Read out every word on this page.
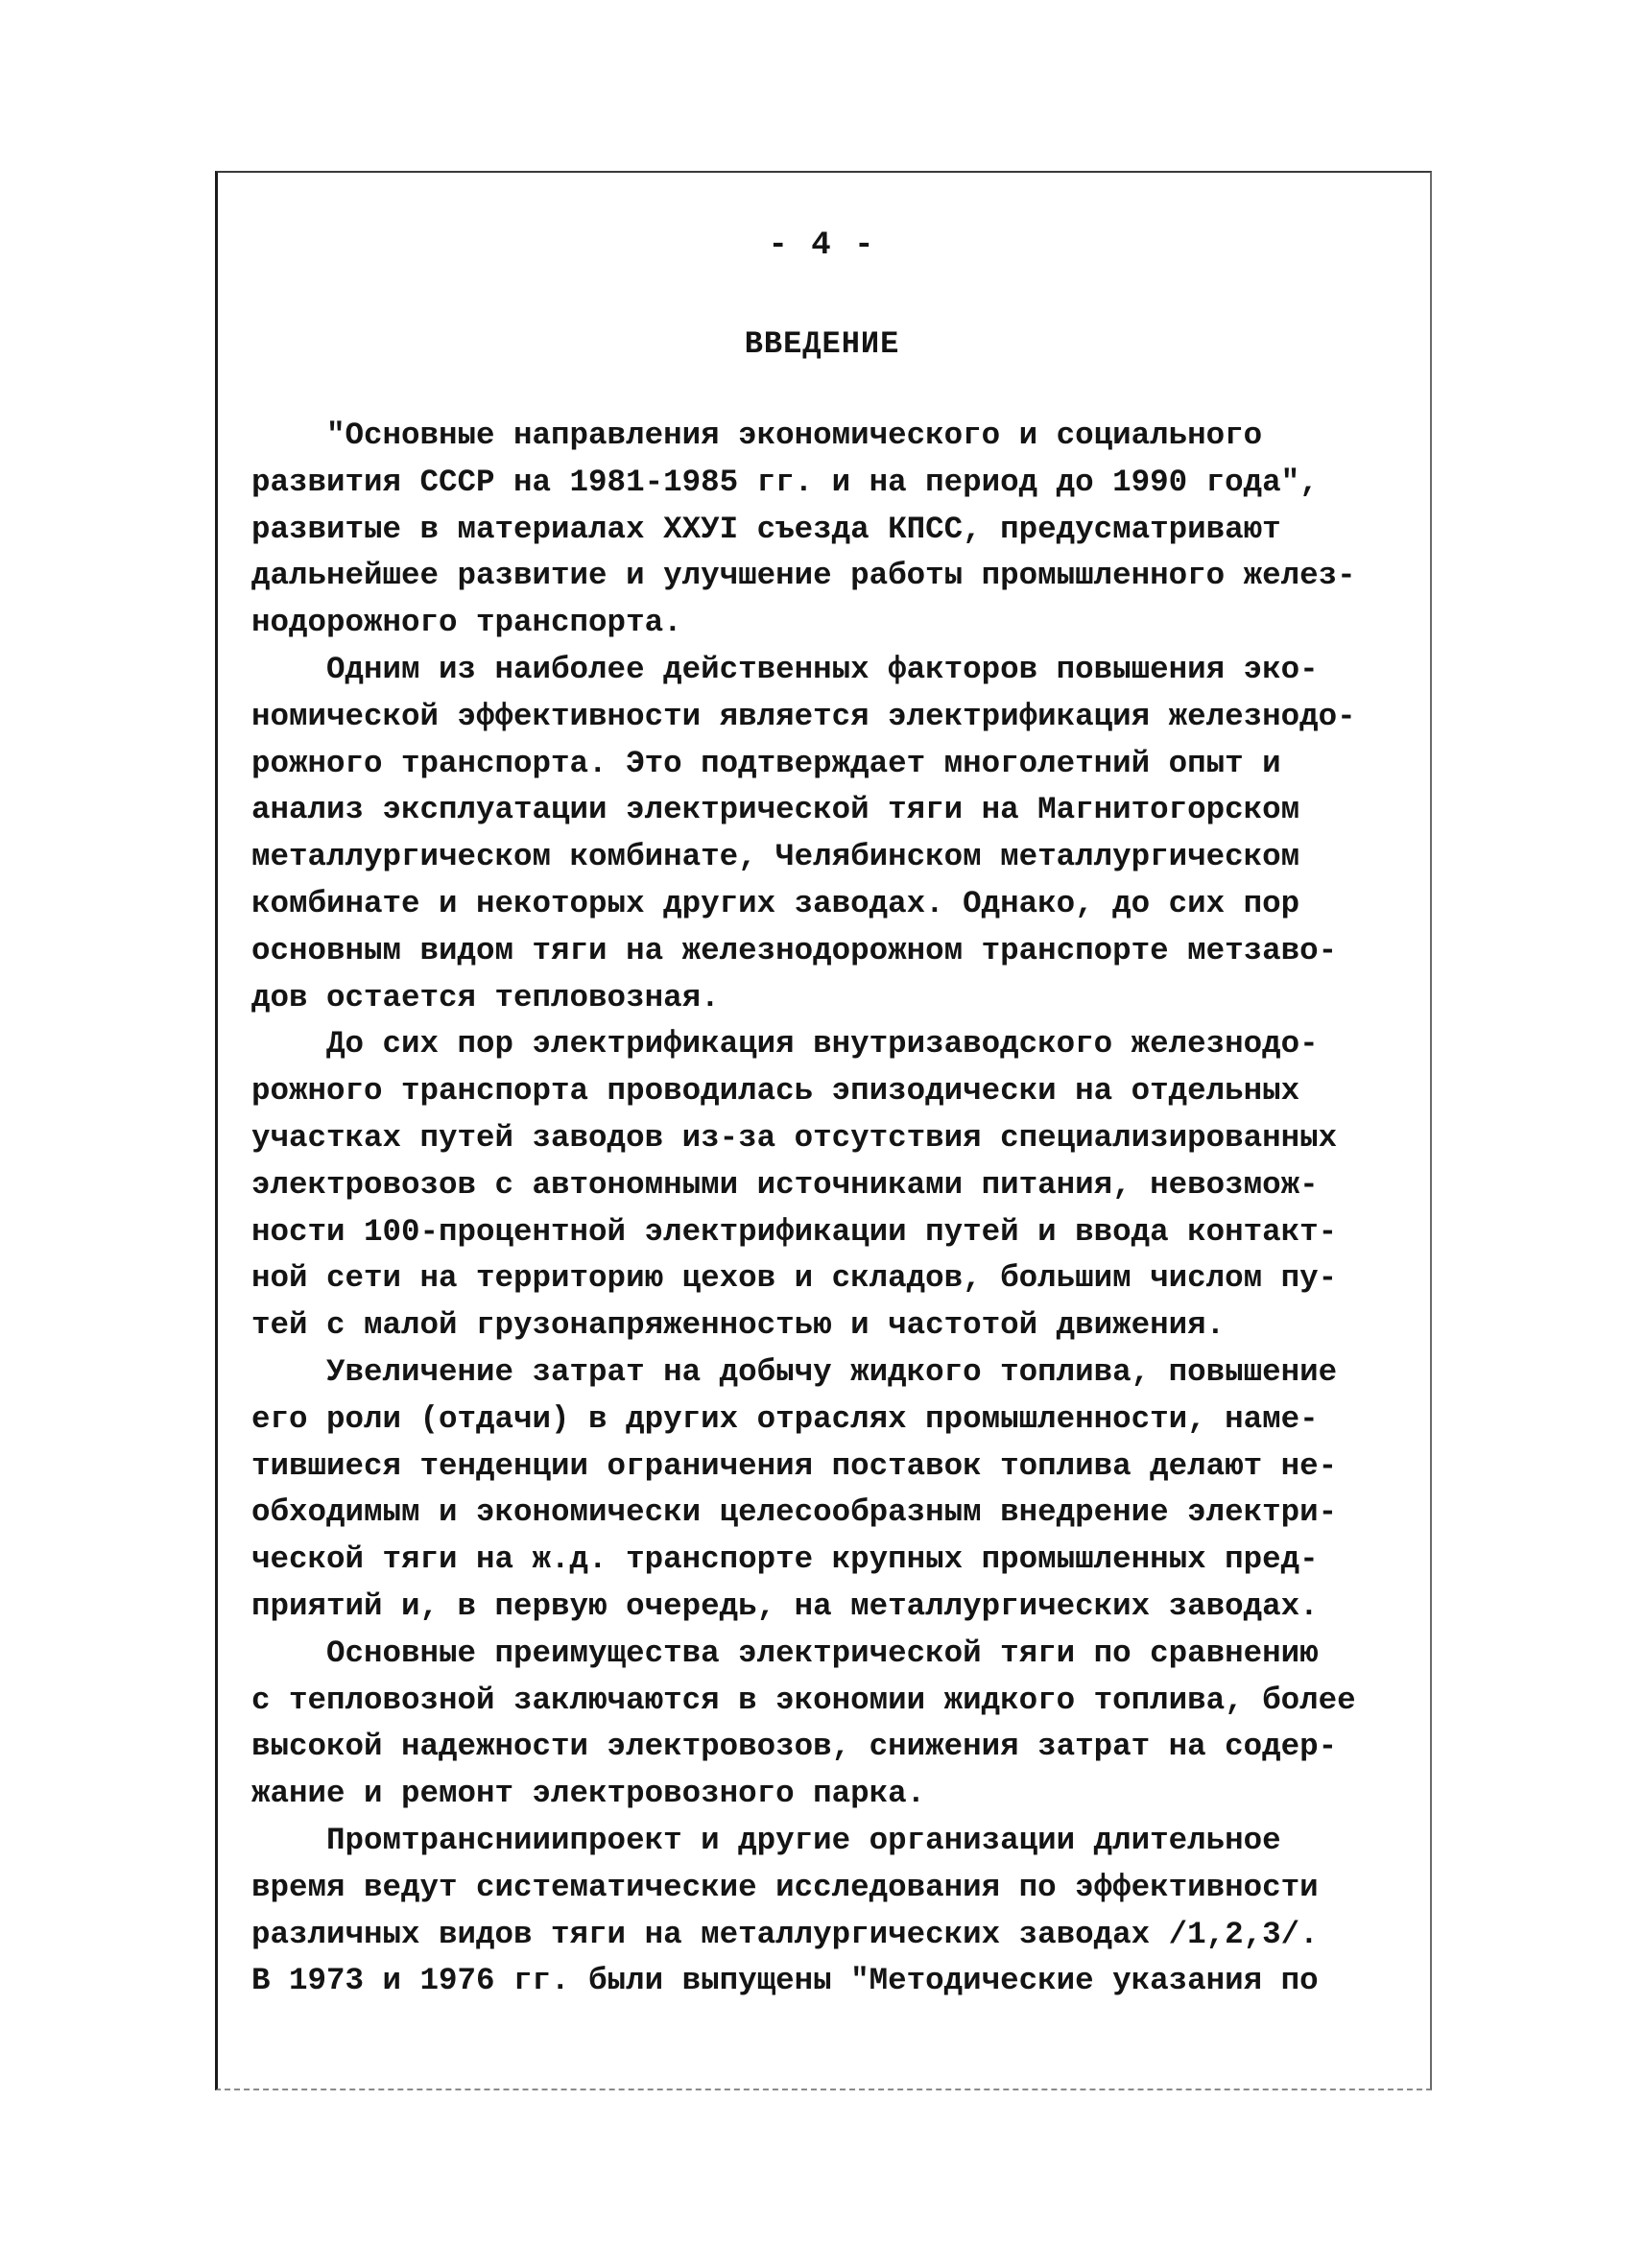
- 4 -
ВВЕДЕНИЕ
"Основные направления экономического и социального
развития СССР на 1981-1985 гг. и на период до 1990 года",
развитые в материалах XXУI съезда КПСС, предусматривают
дальнейшее развитие и улучшение работы промышленного желез-
нодорожного транспорта.
Одним из наиболее действенных факторов повышения эко-
номической эффективности является электрификация железнодо-
рожного транспорта. Это подтверждает многолетний опыт и
анализ эксплуатации электрической тяги на Магнитогорском
металлургическом комбинате, Челябинском металлургическом
комбинате и некоторых других заводах. Однако, до сих пор
основным видом тяги на железнодорожном транспорте метзаво-
дов остается тепловозная.
До сих пор электрификация внутризаводского железнодо-
рожного транспорта проводилась эпизодически на отдельных
участках путей заводов из-за отсутствия специализированных
электровозов с автономными источниками питания, невозмож-
ности 100-процентной электрификации путей и ввода контакт-
ной сети на территорию цехов и складов, большим числом пу-
тей с малой грузонапряженностью и частотой движения.
Увеличение затрат на добычу жидкого топлива, повышение
его роли (отдачи) в других отраслях промышленности, наме-
тившиеся тенденции ограничения поставок топлива делают не-
обходимым и экономически целесообразным внедрение электри-
ческой тяги на ж.д. транспорте крупных промышленных пред-
приятий и, в первую очередь, на металлургических заводах.
Основные преимущества электрической тяги по сравнению
с тепловозной заключаются в экономии жидкого топлива, более
высокой надежности электровозов, снижения затрат на содер-
жание и ремонт электровозного парка.
Промтранснииипроект и другие организации длительное
время ведут систематические исследования по эффективности
различных видов тяги на металлургических заводах /1,2,3/.
В 1973 и 1976 гг. были выпущены "Методические указания по
